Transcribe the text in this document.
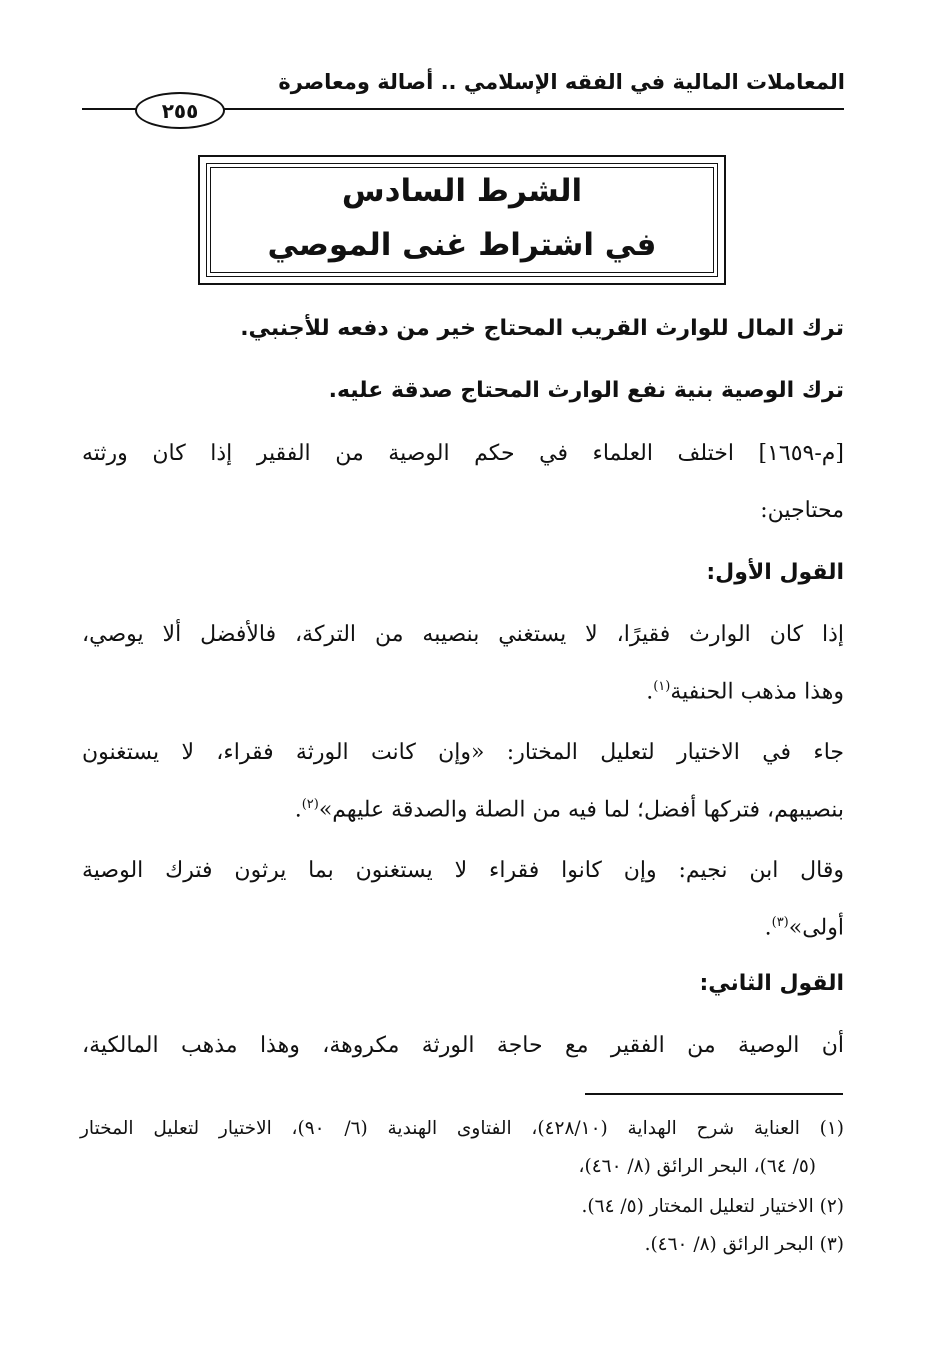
المعاملات المالية في الفقه الإسلامي .. أصالة ومعاصرة
٢٥٥
الشرط السادس
في اشتراط غنى الموصي
ترك المال للوارث القريب المحتاج خير من دفعه للأجنبي.
ترك الوصية بنية نفع الوارث المحتاج صدقة عليه.
[م-١٦٥٩] اختلف العلماء في حكم الوصية من الفقير إذا كان ورثته
محتاجين:
القول الأول:
إذا كان الوارث فقيرًا، لا يستغني بنصيبه من التركة، فالأفضل ألا يوصي،
وهذا مذهب الحنفية$^{(١)}$.
جاء في الاختيار لتعليل المختار: «وإن كانت الورثة فقراء، لا يستغنون
بنصيبهم، فتركها أفضل؛ لما فيه من الصلة والصدقة عليهم»$^{(٢)}$.
وقال ابن نجيم: وإن كانوا فقراء لا يستغنون بما يرثون فترك الوصية
أولى»$^{(٣)}$.
القول الثاني:
أن الوصية من الفقير مع حاجة الورثة مكروهة، وهذا مذهب المالكية،
(١) العناية شرح الهداية (٤٢٨/١٠)، الفتاوى الهندية (٦/ ٩٠)، الاختيار لتعليل المختار
(٥/ ٦٤)، البحر الرائق (٨/ ٤٦٠)،
(٢) الاختيار لتعليل المختار (٥/ ٦٤).
(٣) البحر الرائق (٨/ ٤٦٠).
